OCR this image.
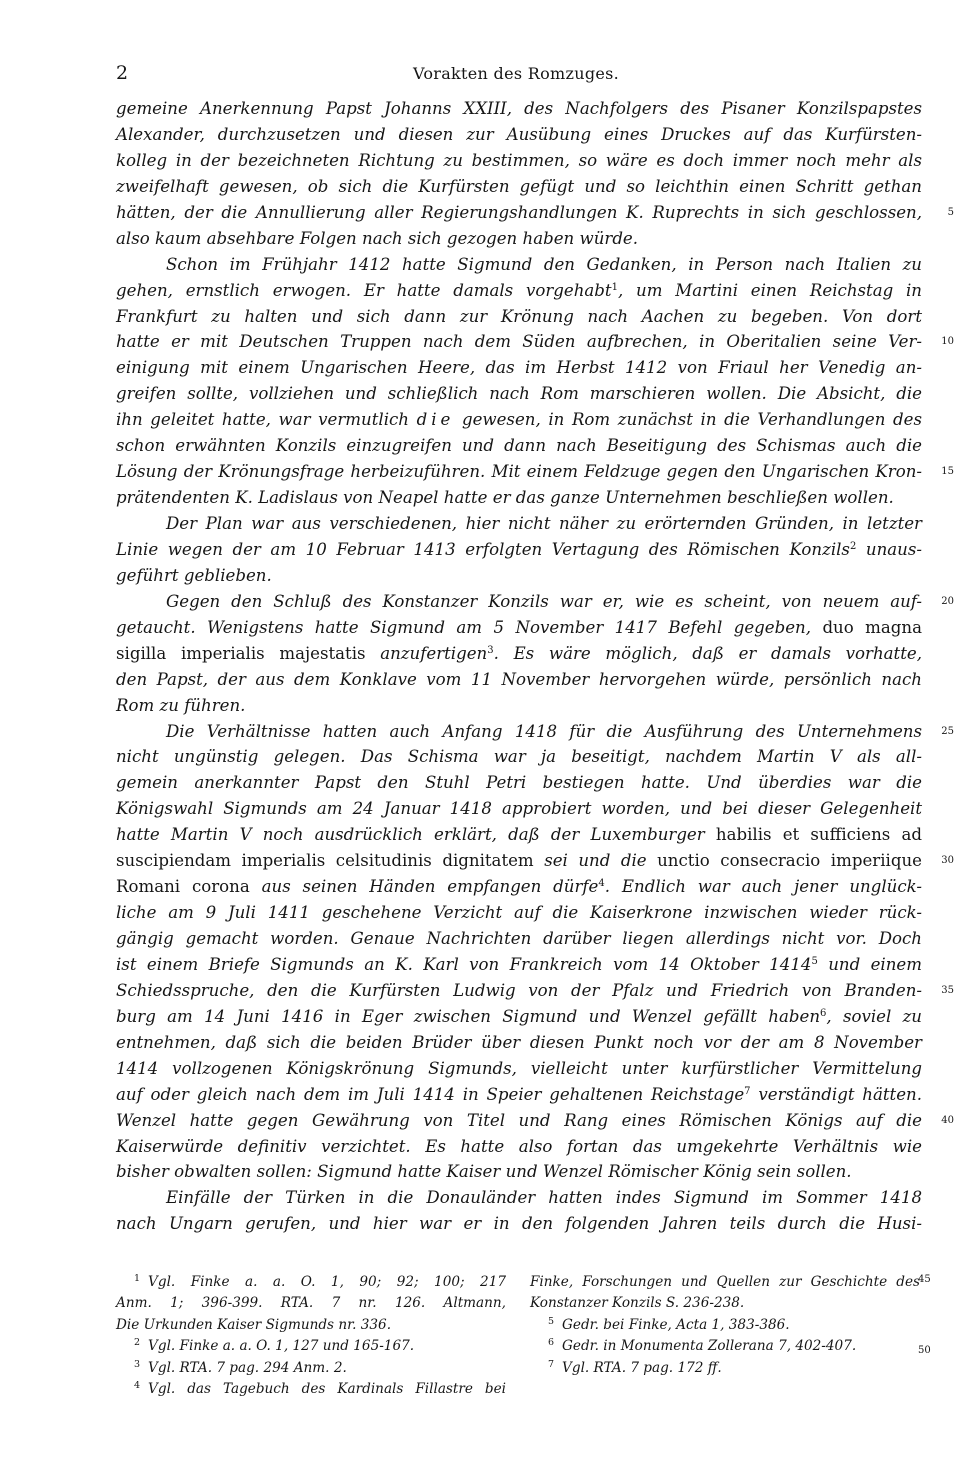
2	Vorakten des Romzuges.
gemeine Anerkennung Papst Johanns XXIII, des Nachfolgers des Pisaner Konzilspapstes
Alexander, durchzusetzen und diesen zur Ausübung eines Druckes auf das Kurfürsten-
kolleg in der bezeichneten Richtung zu bestimmen, so wäre es doch immer noch mehr als
zweifelhaft gewesen, ob sich die Kurfürsten gefügt und so leichthin einen Schritt gethan
hätten, der die Annullierung aller Regierungshandlungen K. Ruprechts in sich geschlossen,	5
also kaum absehbare Folgen nach sich gezogen haben würde.
Schon im Frühjahr 1412 hatte Sigmund den Gedanken, in Person nach Italien zu
gehen, ernstlich erwogen. Er hatte damals vorgehabt$^1$, um Martini einen Reichstag in
Frankfurt zu halten und sich dann zur Krönung nach Aachen zu begeben. Von dort
hatte er mit Deutschen Truppen nach dem Süden aufbrechen, in Oberitalien seine Ver- 10
einigung mit einem Ungarischen Heere, das im Herbst 1412 von Friaul her Venedig an-
greifen sollte, vollziehen und schließlich nach Rom marschieren wollen. Die Absicht, die
ihn geleitet hatte, war vermutlich die gewesen, in Rom zunächst in die Verhandlungen des
schon erwähnten Konzils einzugreifen und dann nach Beseitigung des Schismas auch die
Lösung der Krönungsfrage herbeizuführen. Mit einem Feldzuge gegen den Ungarischen Kron- 15
prätendenten K. Ladislaus von Neapel hatte er das ganze Unternehmen beschließen wollen.
Der Plan war aus verschiedenen, hier nicht näher zu erörternden Gründen, in letzter
Linie wegen der am 10 Februar 1413 erfolgten Vertagung des Römischen Konzils$^2$ unaus-
geführt geblieben.
Gegen den Schluß des Konstanzer Konzils war er, wie es scheint, von neuem auf- 20
getaucht. Wenigstens hatte Sigmund am 5 November 1417 Befehl gegeben, duo magna
sigilla imperialis majestatis anzufertigen$^3$. Es wäre möglich, daß er damals vorhatte,
den Papst, der aus dem Konklave vom 11 November hervorgehen würde, persönlich nach
Rom zu führen.
Die Verhältnisse hatten auch Anfang 1418 für die Ausführung des Unternehmens 25
nicht ungünstig gelegen. Das Schisma war ja beseitigt, nachdem Martin V als all-
gemein anerkannter Papst den Stuhl Petri bestiegen hatte. Und überdies war die
Königswahl Sigmunds am 24 Januar 1418 approbiert worden, und bei dieser Gelegenheit
hatte Martin V noch ausdrücklich erklärt, daß der Luxemburger habilis et sufficiens ad
suscipiendam imperialis celsitudinis dignitatem sei und die unctio consecracio imperiique 30
Romani corona aus seinen Händen empfangen dürfe$^4$. Endlich war auch jener unglück-
liche am 9 Juli 1411 geschehene Verzicht auf die Kaiserkrone inzwischen wieder rück-
gängig gemacht worden. Genaue Nachrichten darüber liegen allerdings nicht vor. Doch
ist einem Briefe Sigmunds an K. Karl von Frankreich vom 14 Oktober 1414$^5$ und einem
Schiedsspruche, den die Kurfürsten Ludwig von der Pfalz und Friedrich von Branden- 35
burg am 14 Juni 1416 in Eger zwischen Sigmund und Wenzel gefällt haben$^6$, soviel zu
entnehmen, daß sich die beiden Brüder über diesen Punkt noch vor der am 8 November
1414 vollzogenen Königskrönung Sigmunds, vielleicht unter kurfürstlicher Vermittelung
auf oder gleich nach dem im Juli 1414 in Speier gehaltenen Reichstage$^7$ verständigt hätten.
Wenzel hatte gegen Gewährung von Titel und Rang eines Römischen Königs auf die 40
Kaiserwürde definitiv verzichtet. Es hatte also fortan das umgekehrte Verhältnis wie
bisher obwalten sollen: Sigmund hatte Kaiser und Wenzel Römischer König sein sollen.
Einfälle der Türken in die Donauländer hatten indes Sigmund im Sommer 1418
nach Ungarn gerufen, und hier war er in den folgenden Jahren teils durch die Husi-
$^1$ Vgl. Finke a. a. O. 1, 90; 92; 100; 217
Anm. 1; 396-399. RTA. 7 nr. 126. Altmann,
Die Urkunden Kaiser Sigmunds nr. 336.
$^2$ Vgl. Finke a. a. O. 1, 127 und 165-167.
$^3$ Vgl. RTA. 7 pag. 294 Anm. 2.
$^4$ Vgl. das Tagebuch des Kardinals Fillastre bei
Finke, Forschungen und Quellen zur Geschichte des
Konstanzer Konzils S. 236-238.
$^5$ Gedr. bei Finke, Acta 1, 383-386.
$^6$ Gedr. in Monumenta Zollerana 7, 402-407.
$^7$ Vgl. RTA. 7 pag. 172 ff.
45
50
